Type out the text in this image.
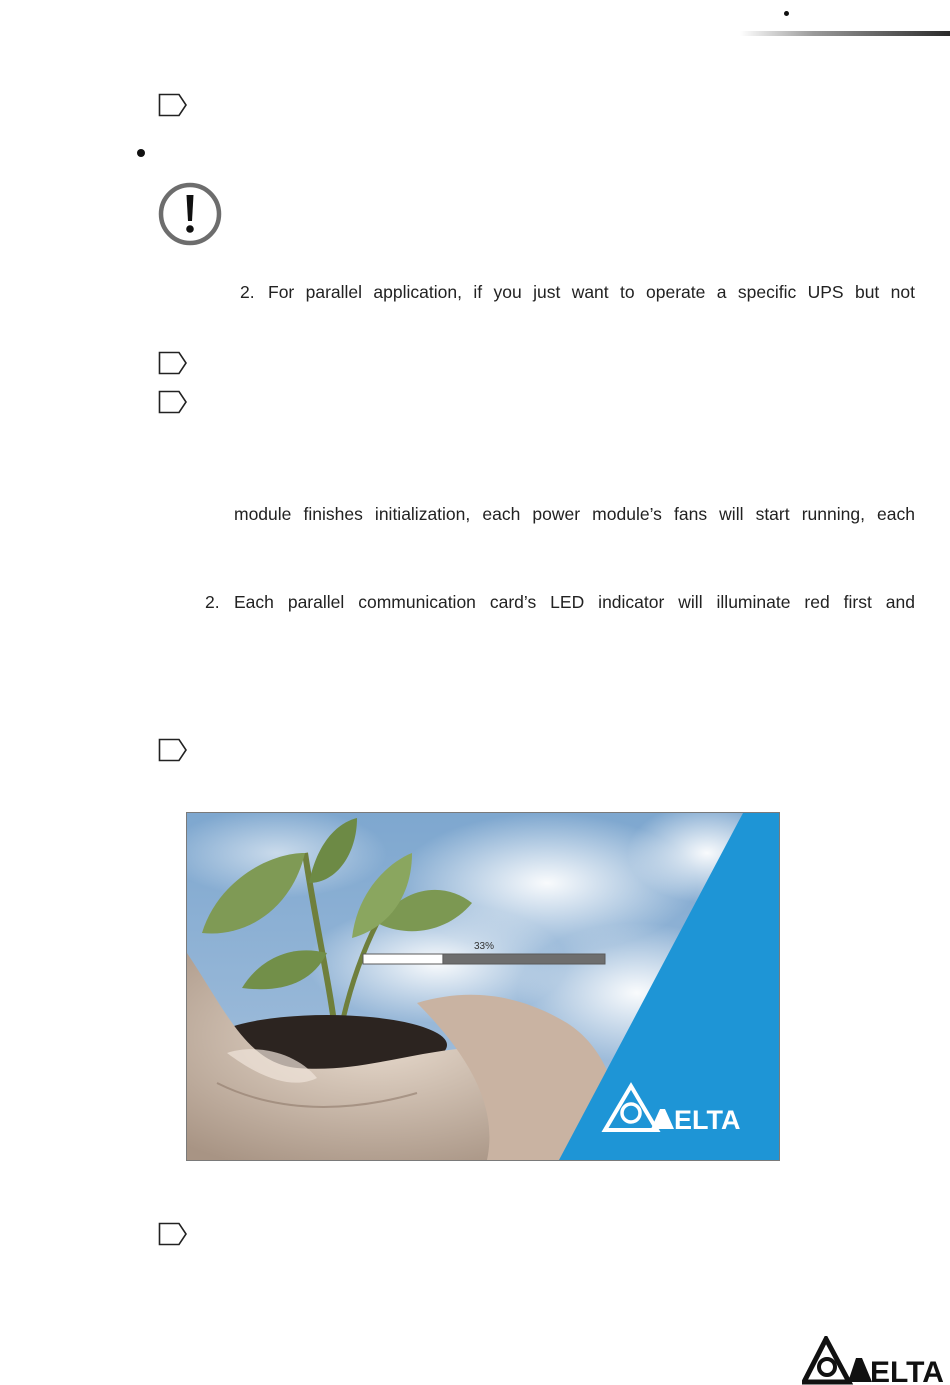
2. For parallel application, if you just want to operate a specific UPS but not
module finishes initialization, each power module’s fans will start running, each
2. Each parallel communication card’s LED indicator will illuminate red first and
33%
ELTA
ELTA
